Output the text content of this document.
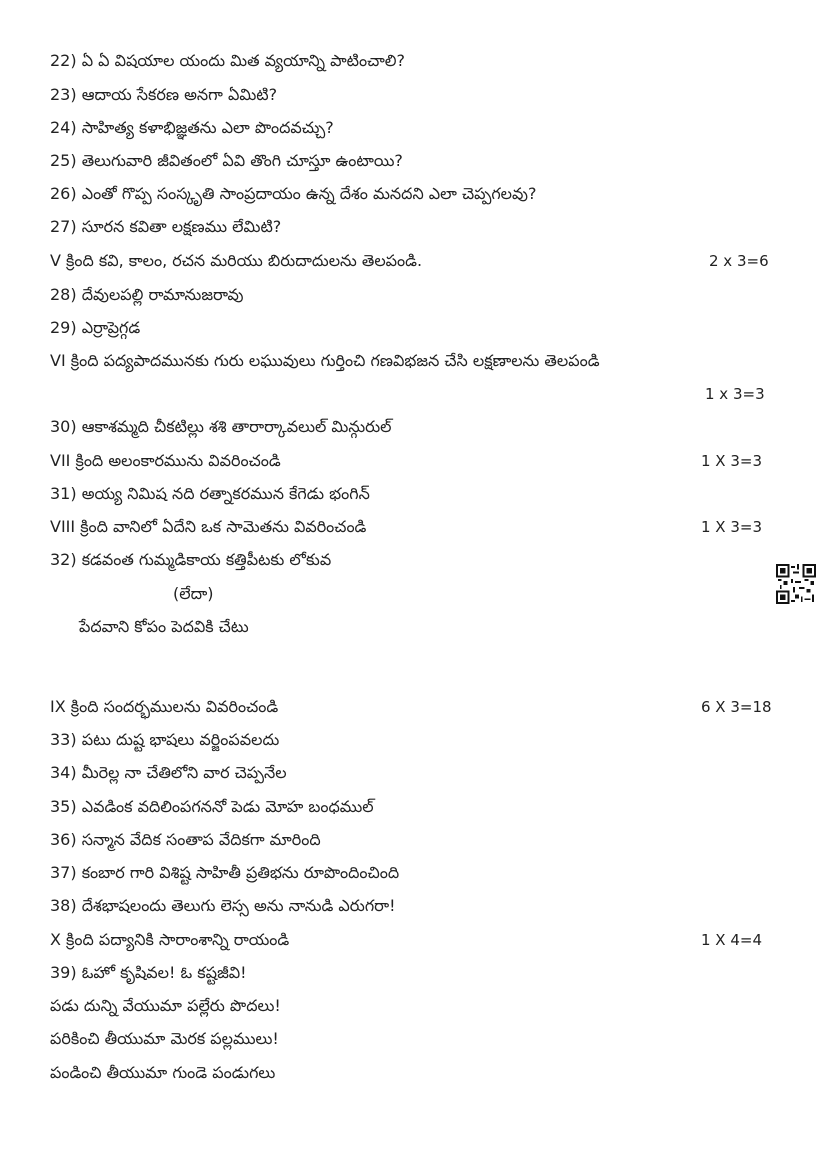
22) ఏ ఏ విషయాల యందు మిత వ్యయాన్ని పాటించాలి?
23) ఆదాయ సేకరణ అనగా ఏమిటి?
24) సాహిత్య కళాభిజ్ఞతను ఎలా పొందవచ్చు?
25) తెలుగువారి జీవితంలో ఏవి తొంగి చూస్తూ ఉంటాయి?
26) ఎంతో గొప్ప సంస్కృతి సాంప్రదాయం ఉన్న దేశం మనదని ఎలా చెప్పగలవు?
27) సూరన కవితా లక్షణము లేమిటి?
V క్రింది కవి, కాలం, రచన మరియు బిరుదాదులను తెలపండి.	2 x 3=6
28) దేవులపల్లి రామానుజరావు
29) ఎర్రాప్రెగ్గడ
VI క్రింది పద్యపాదమునకు గురు లఘువులు గుర్తించి గణవిభజన చేసి లక్షణాలను తెలపండి
1 x 3=3
30) ఆకాశమ్మది చీకటిల్లు శశి తారార్కావలుల్ మిన్గురుల్
VII క్రింది అలంకారమును వివరించండి	1 X 3=3
31) అయ్య నిమిష నది రత్నాకరమున కేగెడు భంగిన్
VIII క్రింది వానిలో ఏదేని ఒక సామెతను వివరించండి	1 X 3=3
32) కడవంత గుమ్మడికాయ కత్తిపీటకు లోకువ
(లేదా)
పేదవాని కోపం పెదవికి చేటు
IX క్రింది సందర్భములను వివరించండి	6 X 3=18
33) పటు దుష్ట భాషలు వర్జింపవలదు
34) మీరెల్ల నా చేతిలోని వార చెప్పనేల
35) ఎవడింక వదిలింపగననో పెడు మోహ బంధముల్
36) సన్మాన వేదిక సంతాప వేదికగా మారింది
37) కంబార గారి విశిష్ట సాహితీ ప్రతిభను రూపొందించింది
38) దేశభాషలందు తెలుగు లెస్స అను నానుడి ఎరుగరా!
X క్రింది పద్యానికి సారాంశాన్ని రాయండి	1 X 4=4
39) ఓహో కృషివల! ఓ కష్టజీవి!
పడు దున్ని వేయుమా పల్లేరు పొదలు!
పరికించి తీయుమా మెరక పల్లములు!
పండించి తీయుమా గుండె పండుగలు
